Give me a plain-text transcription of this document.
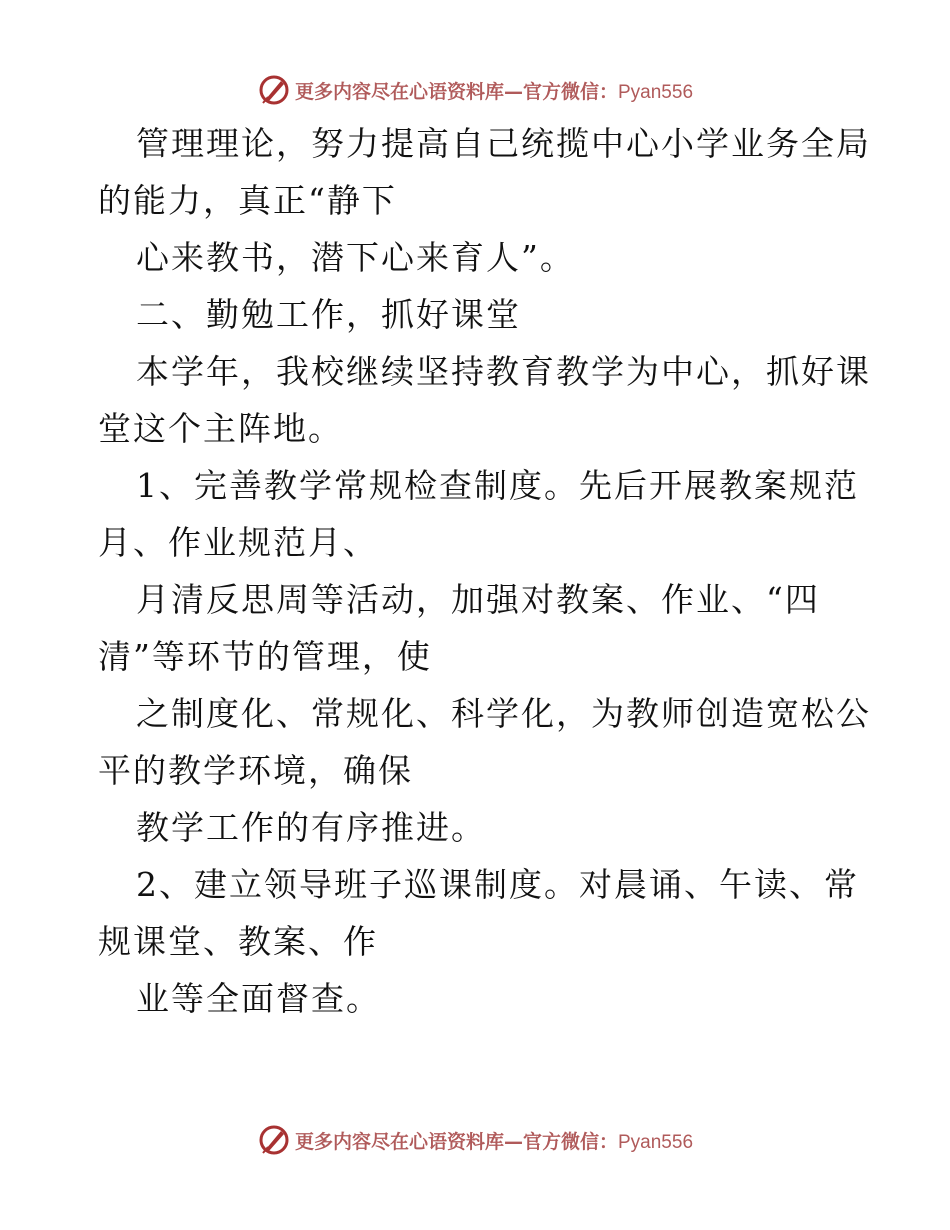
更多内容尽在心语资料库—官方微信：Pyan556
管理理论，努力提高自己统揽中心小学业务全局
的能力，真正“静下
心来教书，潜下心来育人”。
二、勤勉工作，抓好课堂
本学年，我校继续坚持教育教学为中心，抓好课
堂这个主阵地。
1、完善教学常规检查制度。先后开展教案规范
月、作业规范月、
月清反思周等活动，加强对教案、作业、“四
清”等环节的管理，使
之制度化、常规化、科学化，为教师创造宽松公
平的教学环境，确保
教学工作的有序推进。
2、建立领导班子巡课制度。对晨诵、午读、常
规课堂、教案、作
业等全面督查。
更多内容尽在心语资料库—官方微信：Pyan556
